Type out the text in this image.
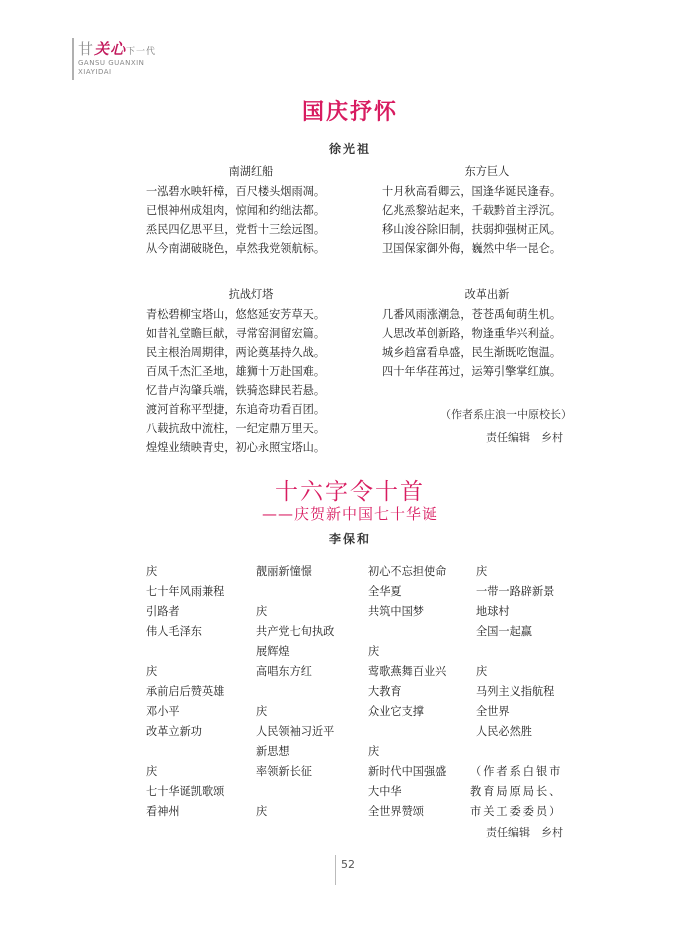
甘关心下一代
GANSU GUANXIN
XIAYIDAI
国庆抒怀
徐光祖
南湖红船
一泓碧水映轩樟，百尺楼头烟雨凋。
已恨神州成俎肉，惊闻和约绌法都。
烝民四亿思平旦，党哲十三绘远图。
从今南湖破晓色，卓然我党领航标。
东方巨人
十月秋高看卿云，国逢华诞民逢春。
亿兆烝黎站起来，千载黔首主浮沉。
移山浚谷除旧制，扶弱抑强树正风。
卫国保家御外侮，巍然中华一昆仑。
抗战灯塔
青松碧柳宝塔山，悠悠延安芳草天。
如昔礼堂瞻巨献，寻常窑洞留宏篇。
民主根治周期律，两论奠基持久战。
百凤千杰汇圣地，雄狮十万赴国难。
忆昔卢沟肇兵端，铁骑恣肆民若悬。
渡河首称平型捷，东追奇功看百团。
八载抗敌中流柱，一纪定鼎万里天。
煌煌业绩映青史，初心永照宝塔山。
改革出新
几番风雨涨潮急，苍苍禹甸萌生机。
人思改革创新路，物逢重华兴利益。
城乡趋富看阜盛，民生渐既吃饱温。
四十年华荏苒过，运筹引擎掌红旗。
（作者系庄浪一中原校长）
责任编辑　乡村
十六字令十首
——庆贺新中国七十华诞
李保和
庆
七十年风雨兼程
引路者
伟人毛泽东
庆
承前启后赞英雄
邓小平
改革立新功
庆
七十华诞凯歌颂
看神州
靓丽新憧憬
庆
共产党七旬执政
展辉煌
高唱东方红
庆
人民领袖习近平
新思想
率领新长征
庆
初心不忘担使命
全华夏
共筑中国梦
庆
莺歌燕舞百业兴
大教育
众业它支撑
庆
新时代中国强盛
大中华
全世界赞颂
庆
一带一路辟新景
地球村
全国一起赢
庆
马列主义指航程
全世界
人民必然胜
（作者系白银市
教育局原局长、
市关工委委员）
责任编辑　乡村
52
